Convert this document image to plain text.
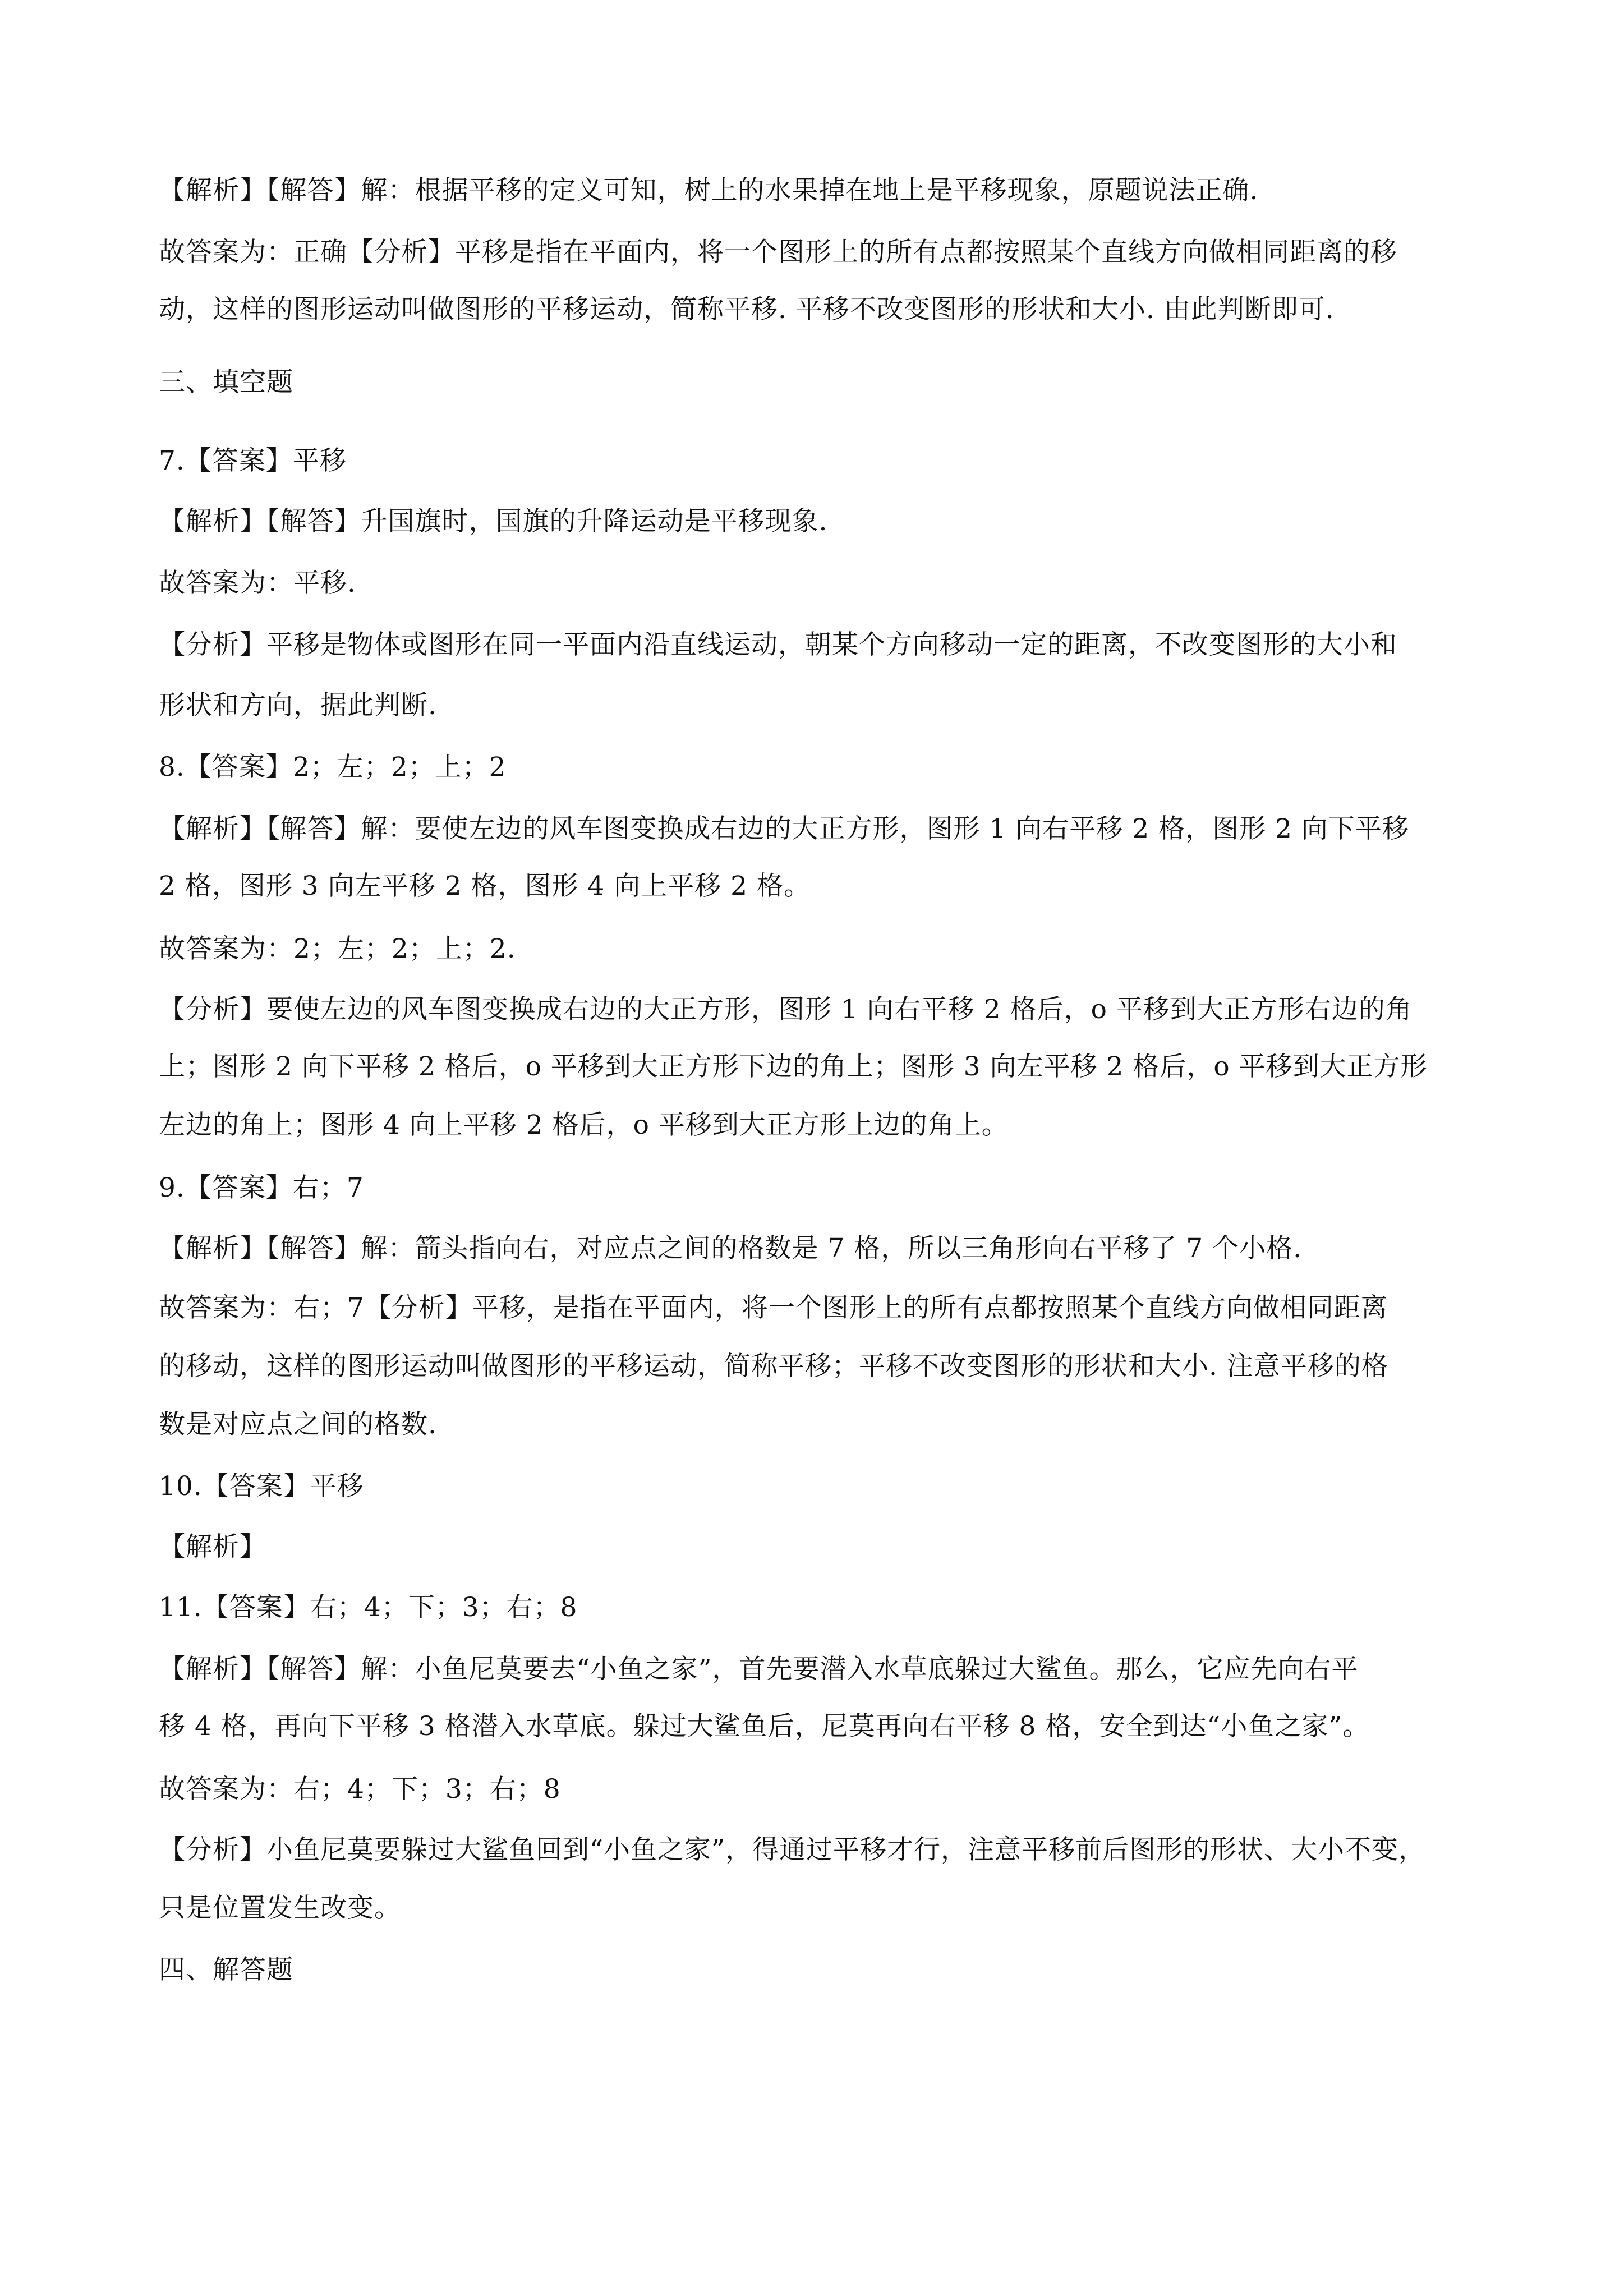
【解析】【解答】解：根据平移的定义可知，树上的水果掉在地上是平移现象，原题说法正确.
故答案为：正确【分析】平移是指在平面内，将一个图形上的所有点都按照某个直线方向做相同距离的移
动，这样的图形运动叫做图形的平移运动，简称平移. 平移不改变图形的形状和大小. 由此判断即可.
三、填空题
7.【答案】平移
【解析】【解答】升国旗时，国旗的升降运动是平移现象.
故答案为：平移.
【分析】平移是物体或图形在同一平面内沿直线运动，朝某个方向移动一定的距离，不改变图形的大小和
形状和方向，据此判断.
8.【答案】2；左；2；上；2
【解析】【解答】解：要使左边的风车图变换成右边的大正方形，图形 1 向右平移 2 格，图形 2 向下平移
2 格，图形 3 向左平移 2 格，图形 4 向上平移 2 格。
故答案为：2；左；2；上；2.
【分析】要使左边的风车图变换成右边的大正方形，图形 1 向右平移 2 格后，o 平移到大正方形右边的角
上；图形 2 向下平移 2 格后，o 平移到大正方形下边的角上；图形 3 向左平移 2 格后，o 平移到大正方形
左边的角上；图形 4 向上平移 2 格后，o 平移到大正方形上边的角上。
9.【答案】右；7
【解析】【解答】解：箭头指向右，对应点之间的格数是 7 格，所以三角形向右平移了 7 个小格.
故答案为：右；7【分析】平移，是指在平面内，将一个图形上的所有点都按照某个直线方向做相同距离
的移动，这样的图形运动叫做图形的平移运动，简称平移；平移不改变图形的形状和大小. 注意平移的格
数是对应点之间的格数.
10.【答案】平移
【解析】
11.【答案】右；4；下；3；右；8
【解析】【解答】解：小鱼尼莫要去“小鱼之家”，首先要潜入水草底躲过大鲨鱼。那么，它应先向右平
移 4 格，再向下平移 3 格潜入水草底。躲过大鲨鱼后，尼莫再向右平移 8 格，安全到达“小鱼之家”。
故答案为：右；4；下；3；右；8
【分析】小鱼尼莫要躲过大鲨鱼回到“小鱼之家”，得通过平移才行，注意平移前后图形的形状、大小不变，
只是位置发生改变。
四、解答题
